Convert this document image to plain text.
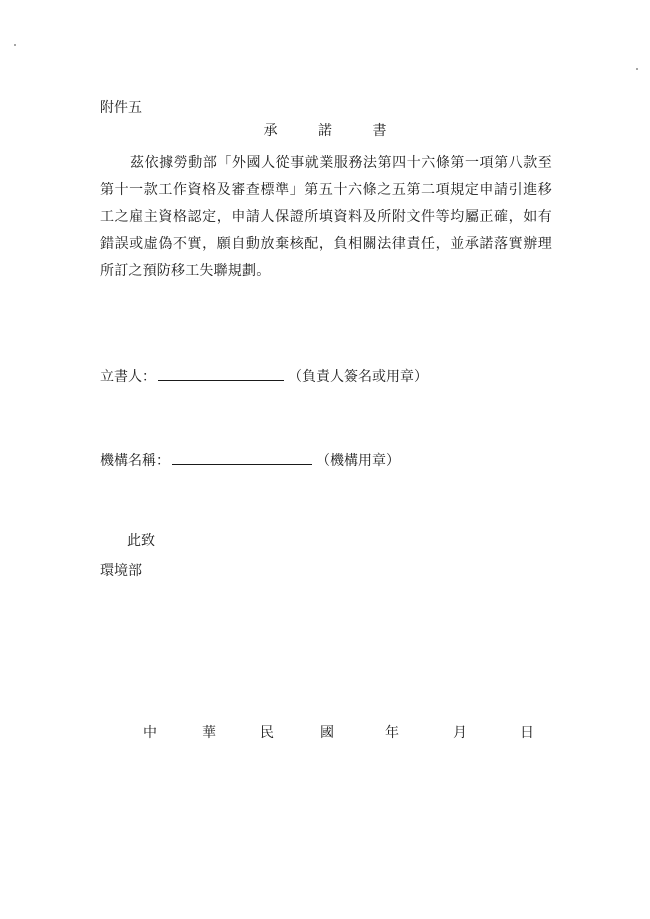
附件五
承	諾	書
茲依據勞動部「外國人從事就業服務法第四十六條第一項第八款至第十一款工作資格及審查標準」第五十六條之五第二項規定申請引進移工之雇主資格認定，申請人保證所填資料及所附文件等均屬正確，如有錯誤或虛偽不實，願自動放棄核配，負相關法律責任，並承諾落實辦理所訂之預防移工失聯規劃。
立書人：	（負責人簽名或用章）
機構名稱：	（機構用章）
此致
環境部
中	華	民	國	年	月	日
